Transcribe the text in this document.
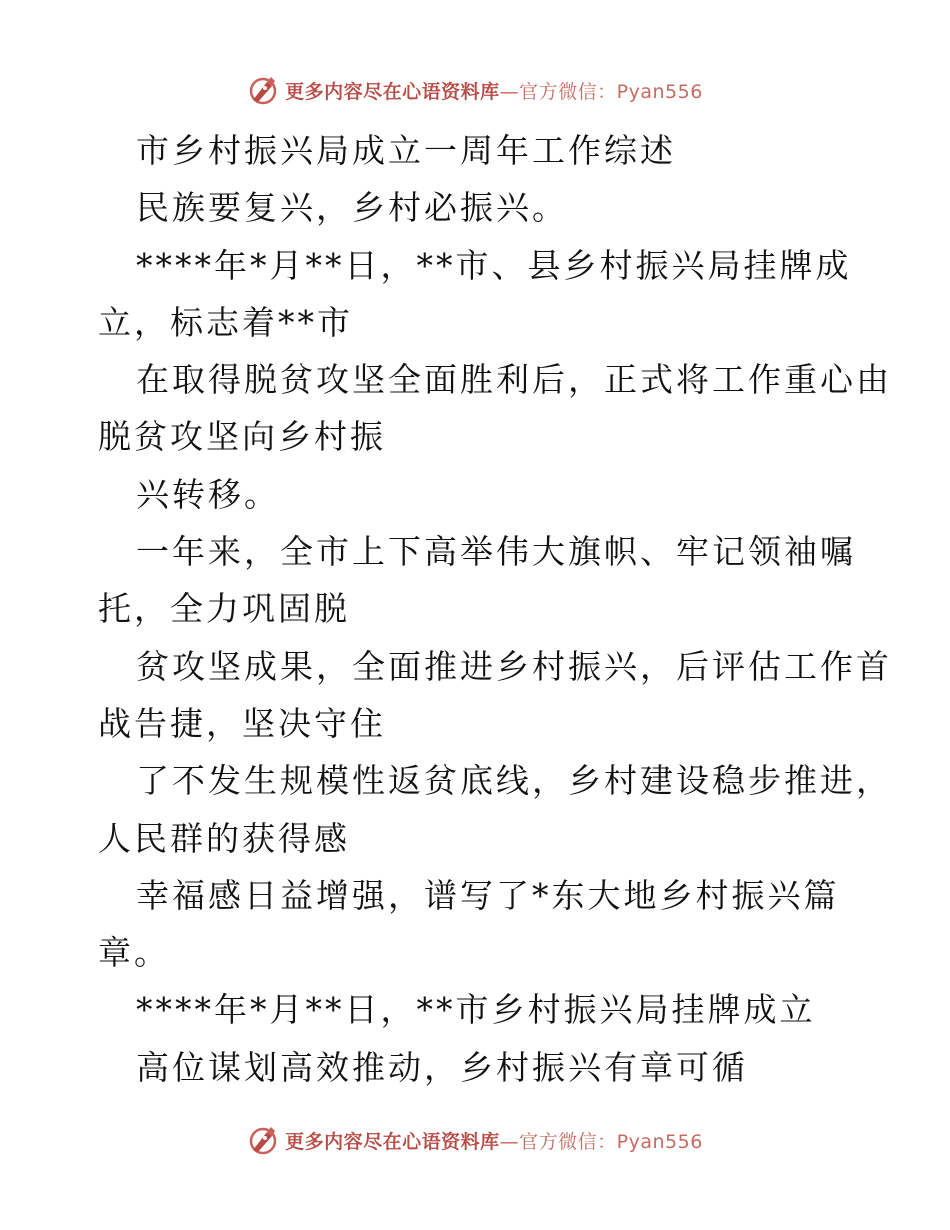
更多内容尽在心语资料库—官方微信：Pyan556

市乡村振兴局成立一周年工作综述

民族要复兴，乡村必振兴。

****年*月**日，**市、县乡村振兴局挂牌成

立，标志着**市

在取得脱贫攻坚全面胜利后，正式将工作重心由

脱贫攻坚向乡村振

兴转移。

一年来，全市上下高举伟大旗帜、牢记领袖嘱

托，全力巩固脱

贫攻坚成果，全面推进乡村振兴，后评估工作首

战告捷，坚决守住

了不发生规模性返贫底线，乡村建设稳步推进，

人民群的获得感

幸福感日益增强，谱写了*东大地乡村振兴篇

章。

****年*月**日，**市乡村振兴局挂牌成立

高位谋划高效推动，乡村振兴有章可循

更多内容尽在心语资料库—官方微信：Pyan556
